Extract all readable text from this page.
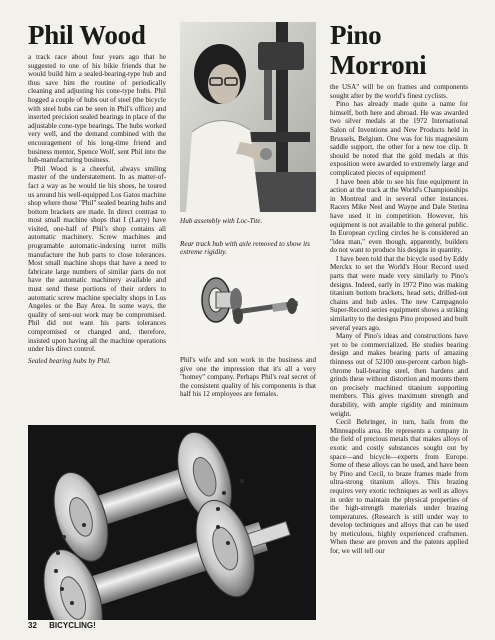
Phil Wood

a track race about four years ago that he suggested to one of his bikie friends that he would build him a sealed-bearing-type hub and thus save him the routine of periodically cleaning and adjusting his cone-type hubs. Phil hogged a couple of hubs out of steel (the bicycle with steel hubs can be seen in Phil's office) and inserted precision sealed bearings in place of the adjustable cone-type bearings. The hubs worked very well, and the demand combined with the encouragement of his long-time friend and business mentor, Spence Wolf, sent Phil into the hub-manufacturing business.

Phil Wood is a cheerful, always smiling master of the understatement. In as matter-of-fact a way as he would tie his shoes, he toured us around his well-equipped Los Gatos machine shop where those "Phil" sealed bearing hubs and bottom brackets are made. In direct contrast to most small machine shops that I (Larry) have visited, one-half of Phil's shop contains all automatic machinery. Screw machines and programable automatic-indexing turret mills manufacture the hub parts to close tolerances. Most small machine shops that have a need to fabricate large numbers of similar parts do not have the automatic machinery available and must send these portions of their orders to automatic screw machine specialty shops in Los Angeles or the Bay Area. In some ways, the quality of sent-out work may be compromised. Phil did not want his parts tolerances compromised or changed and, therefore, insisted upon having all the machine operations under his direct control.

Sealed bearing hubs by Phil.

Hub assembly with Loc-Tite.

Rear track hub with axle removed to show its extreme rigidity.

Phil's wife and son work in the business and give one the impression that it's all a very "homey" company. Perhaps Phil's real secret of the consistent quality of his components is that half his 12 employees are females.

Pino Morroni

the USA" will be on frames and components sought after by the world's finest cyclists.

Pino has already made quite a name for himself, both here and abroad. He was awarded two silver medals at the 1972 International Salon of Inventions and New Products held in Brussels, Belgium. One was for his magnesium saddle support, the other for a new toe clip. It should be noted that the gold medals at this exposition were awarded to extremely large and complicated pieces of equipment!

I have been able to see his fine equipment in action at the track at the World's Championships in Montreal and in several other instances. Racers Mike Neel and Wayne and Dale Stetina have used it in competition. However, his equipment is not available to the general public. In European cycling circles he is considered an "idea man," even though, apparently, builders do not want to produce his designs in quantity.

I have been told that the bicycle used by Eddy Merckx to set the World's Hour Record used parts that were made very similarly to Pino's designs. Indeed, early in 1972 Pino was making titanium bottom brackets, head sets, drilled-out chains and hub axles. The new Campagnolo Super-Record series equipment shows a striking similarity to the designs Pino proposed and built several years ago.

Many of Pino's ideas and constructions have yet to be commercialized. He studies bearing design and makes bearing parts of amazing thinness out of 52100 one-percent carbon high-chrome ball-bearing steel, then hardens and grinds these without distortion and mounts them on precisely machined titanium supporting members. This gives maximum strength and durability, with ample rigidity and minimum weight.

Cecil Behringer, in turn, hails from the Minneapolis area. He represents a company in the field of precious metals that makes alloys of exotic and costly substances sought out by space—and bicycle—experts from Europe. Some of these alloys can be used, and have been by Pino and Cecil, to braze frames made from ultra-strong titanium alloys. This brazing requires very exotic techniques as well as alloys in order to maintain the physical properties of the high-strength materials under brazing temperatures. (Research is still under way to develop techniques and alloys that can be used by meticulous, highly experienced craftsmen. When these are proven and the patents applied for, we will tell our

32 BICYCLING!
